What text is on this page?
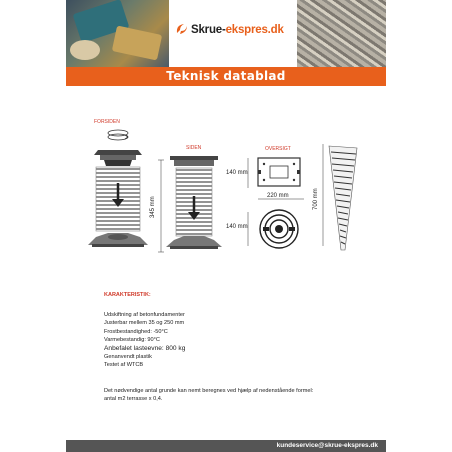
Skrue-ekspres.dk
Teknisk datablad
FORSIDEN
SIDEN	OVERSIGT
345 mm
140 mm
220 mm
140 mm
700 mm
KARAKTERISTIK:
Udskiftning af betonfundamenter
Justerbar mellem 35 og 250 mm
Frostbestandighed: -50°C
Varmebestandig: 90°C
Anbefalet lasteevne: 800 kg
Genanvendt plastik
Testet af WTCB
Det nødvendige antal grunde kan nemt beregnes ved hjælp af nedenstående formel:
antal m2 terrasse x 0,4.
kundeservice@skrue-ekspres.dk
